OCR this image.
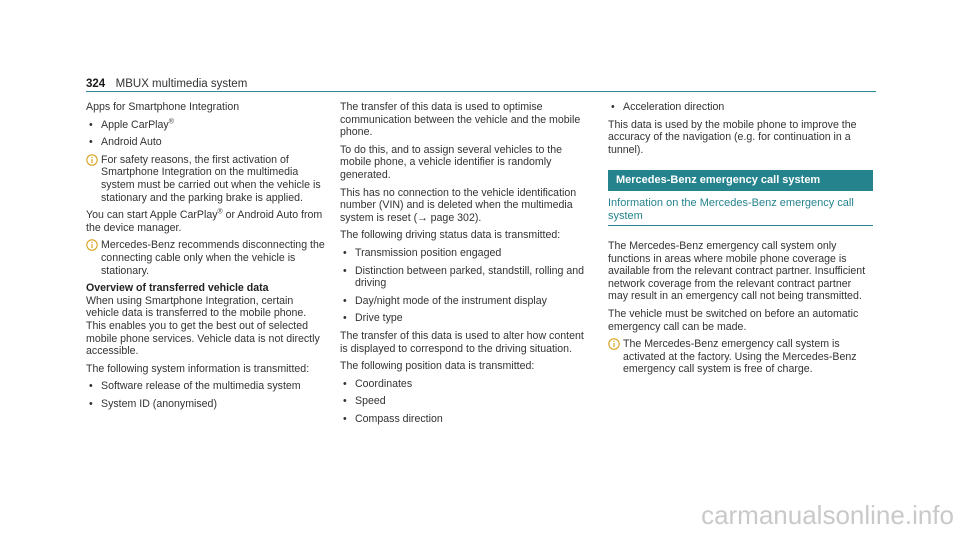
324 MBUX multimedia system

Apps for Smartphone Integration

• Apple CarPlay®
• Android Auto
For safety reasons, the first activation of Smartphone Integration on the multimedia system must be carried out when the vehicle is stationary and the parking brake is applied.

You can start Apple CarPlay® or Android Auto from the device manager.

Mercedes-Benz recommends disconnecting the connecting cable only when the vehicle is stationary.
Overview of transferred vehicle data

When using Smartphone Integration, certain vehicle data is transferred to the mobile phone. This enables you to get the best out of selected mobile phone services. Vehicle data is not directly accessible.

The following system information is transmitted:

• Software release of the multimedia system
• System ID (anonymised)

The transfer of this data is used to optimise communication between the vehicle and the mobile phone.

To do this, and to assign several vehicles to the mobile phone, a vehicle identifier is randomly generated.

This has no connection to the vehicle identification number (VIN) and is deleted when the multimedia system is reset (→ page 302).

The following driving status data is transmitted:

• Transmission position engaged
• Distinction between parked, standstill, rolling and driving
• Day/night mode of the instrument display
• Drive type

The transfer of this data is used to alter how content is displayed to correspond to the driving situation.

The following position data is transmitted:

• Coordinates
• Speed
• Compass direction
• Acceleration direction

This data is used by the mobile phone to improve the accuracy of the navigation (e.g. for continuation in a tunnel).

Mercedes-Benz emergency call system
Information on the Mercedes-Benz emergency call system

The Mercedes-Benz emergency call system only functions in areas where mobile phone coverage is available from the relevant contract partner. Insufficient network coverage from the relevant contract partner may result in an emergency call not being transmitted.

The vehicle must be switched on before an automatic emergency call can be made.

The Mercedes-Benz emergency call system is activated at the factory. Using the Mercedes-Benz emergency call system is free of charge.
carmanualsonline.info
